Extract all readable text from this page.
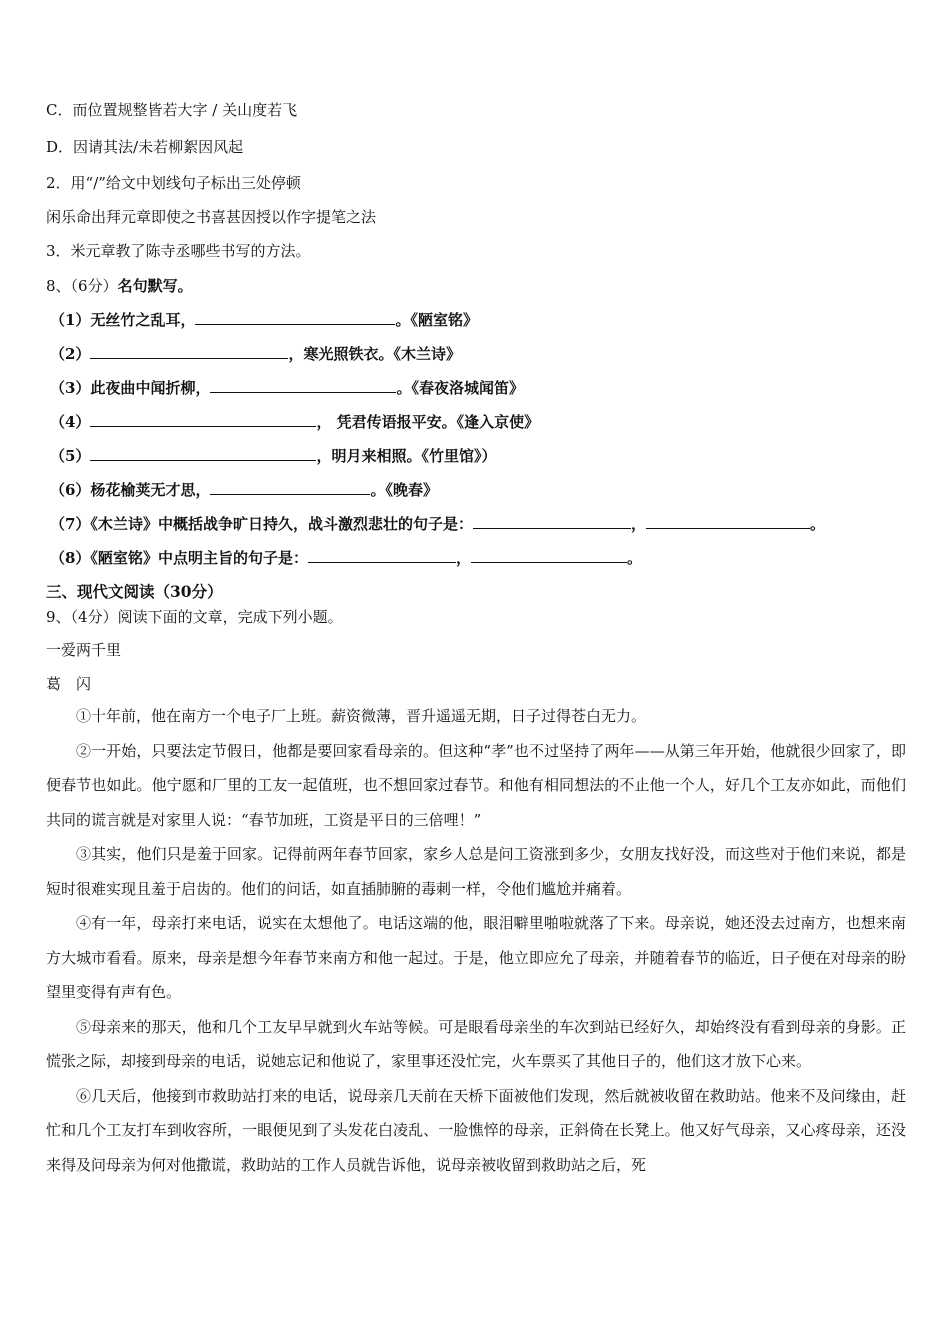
C．而位置规整皆若大字 / 关山度若飞
D．因请其法/未若柳絮因风起
2．用“/”给文中划线句子标出三处停顿
闲乐命出拜元章即使之书喜甚因授以作字提笔之法
3．米元章教了陈寺丞哪些书写的方法。
8、（6分）名句默写。
（1）无丝竹之乱耳，	。《陋室铭》
（2）	，寒光照铁衣。《木兰诗》
（3）此夜曲中闻折柳，	。《春夜洛城闻笛》
（4）	， 凭君传语报平安。《逢入京使》
（5）	，明月来相照。《竹里馆》）
（6）杨花榆荚无才思，	。《晚春》
（7）《木兰诗》中概括战争旷日持久，战斗激烈悲壮的句子是：	，	。
（8）《陋室铭》中点明主旨的句子是：	，	。
三、现代文阅读（30分）
9、（4分）阅读下面的文章，完成下列小题。
一爱两千里
葛　闪

①十年前，他在南方一个电子厂上班。薪资微薄，晋升遥遥无期，日子过得苍白无力。

②一开始，只要法定节假日，他都是要回家看母亲的。但这种“孝”也不过坚持了两年——从第三年开始，他就很少回家了，即便春节也如此。他宁愿和厂里的工友一起值班，也不想回家过春节。和他有相同想法的不止他一个人，好几个工友亦如此，而他们共同的谎言就是对家里人说：“春节加班，工资是平日的三倍哩！”

③其实，他们只是羞于回家。记得前两年春节回家，家乡人总是问工资涨到多少，女朋友找好没，而这些对于他们来说，都是短时很难实现且羞于启齿的。他们的问话，如直插肺腑的毒刺一样，令他们尴尬并痛着。

④有一年，母亲打来电话，说实在太想他了。电话这端的他，眼泪噼里啪啦就落了下来。母亲说，她还没去过南方，也想来南方大城市看看。原来，母亲是想今年春节来南方和他一起过。于是，他立即应允了母亲，并随着春节的临近，日子便在对母亲的盼望里变得有声有色。

⑤母亲来的那天，他和几个工友早早就到火车站等候。可是眼看母亲坐的车次到站已经好久，却始终没有看到母亲的身影。正慌张之际，却接到母亲的电话，说她忘记和他说了，家里事还没忙完，火车票买了其他日子的，他们这才放下心来。

⑥几天后，他接到市救助站打来的电话，说母亲几天前在天桥下面被他们发现，然后就被收留在救助站。他来不及问缘由，赶忙和几个工友打车到收容所，一眼便见到了头发花白凌乱、一脸憔悴的母亲，正斜倚在长凳上。他又好气母亲，又心疼母亲，还没来得及问母亲为何对他撒谎，救助站的工作人员就告诉他，说母亲被收留到救助站之后，死
